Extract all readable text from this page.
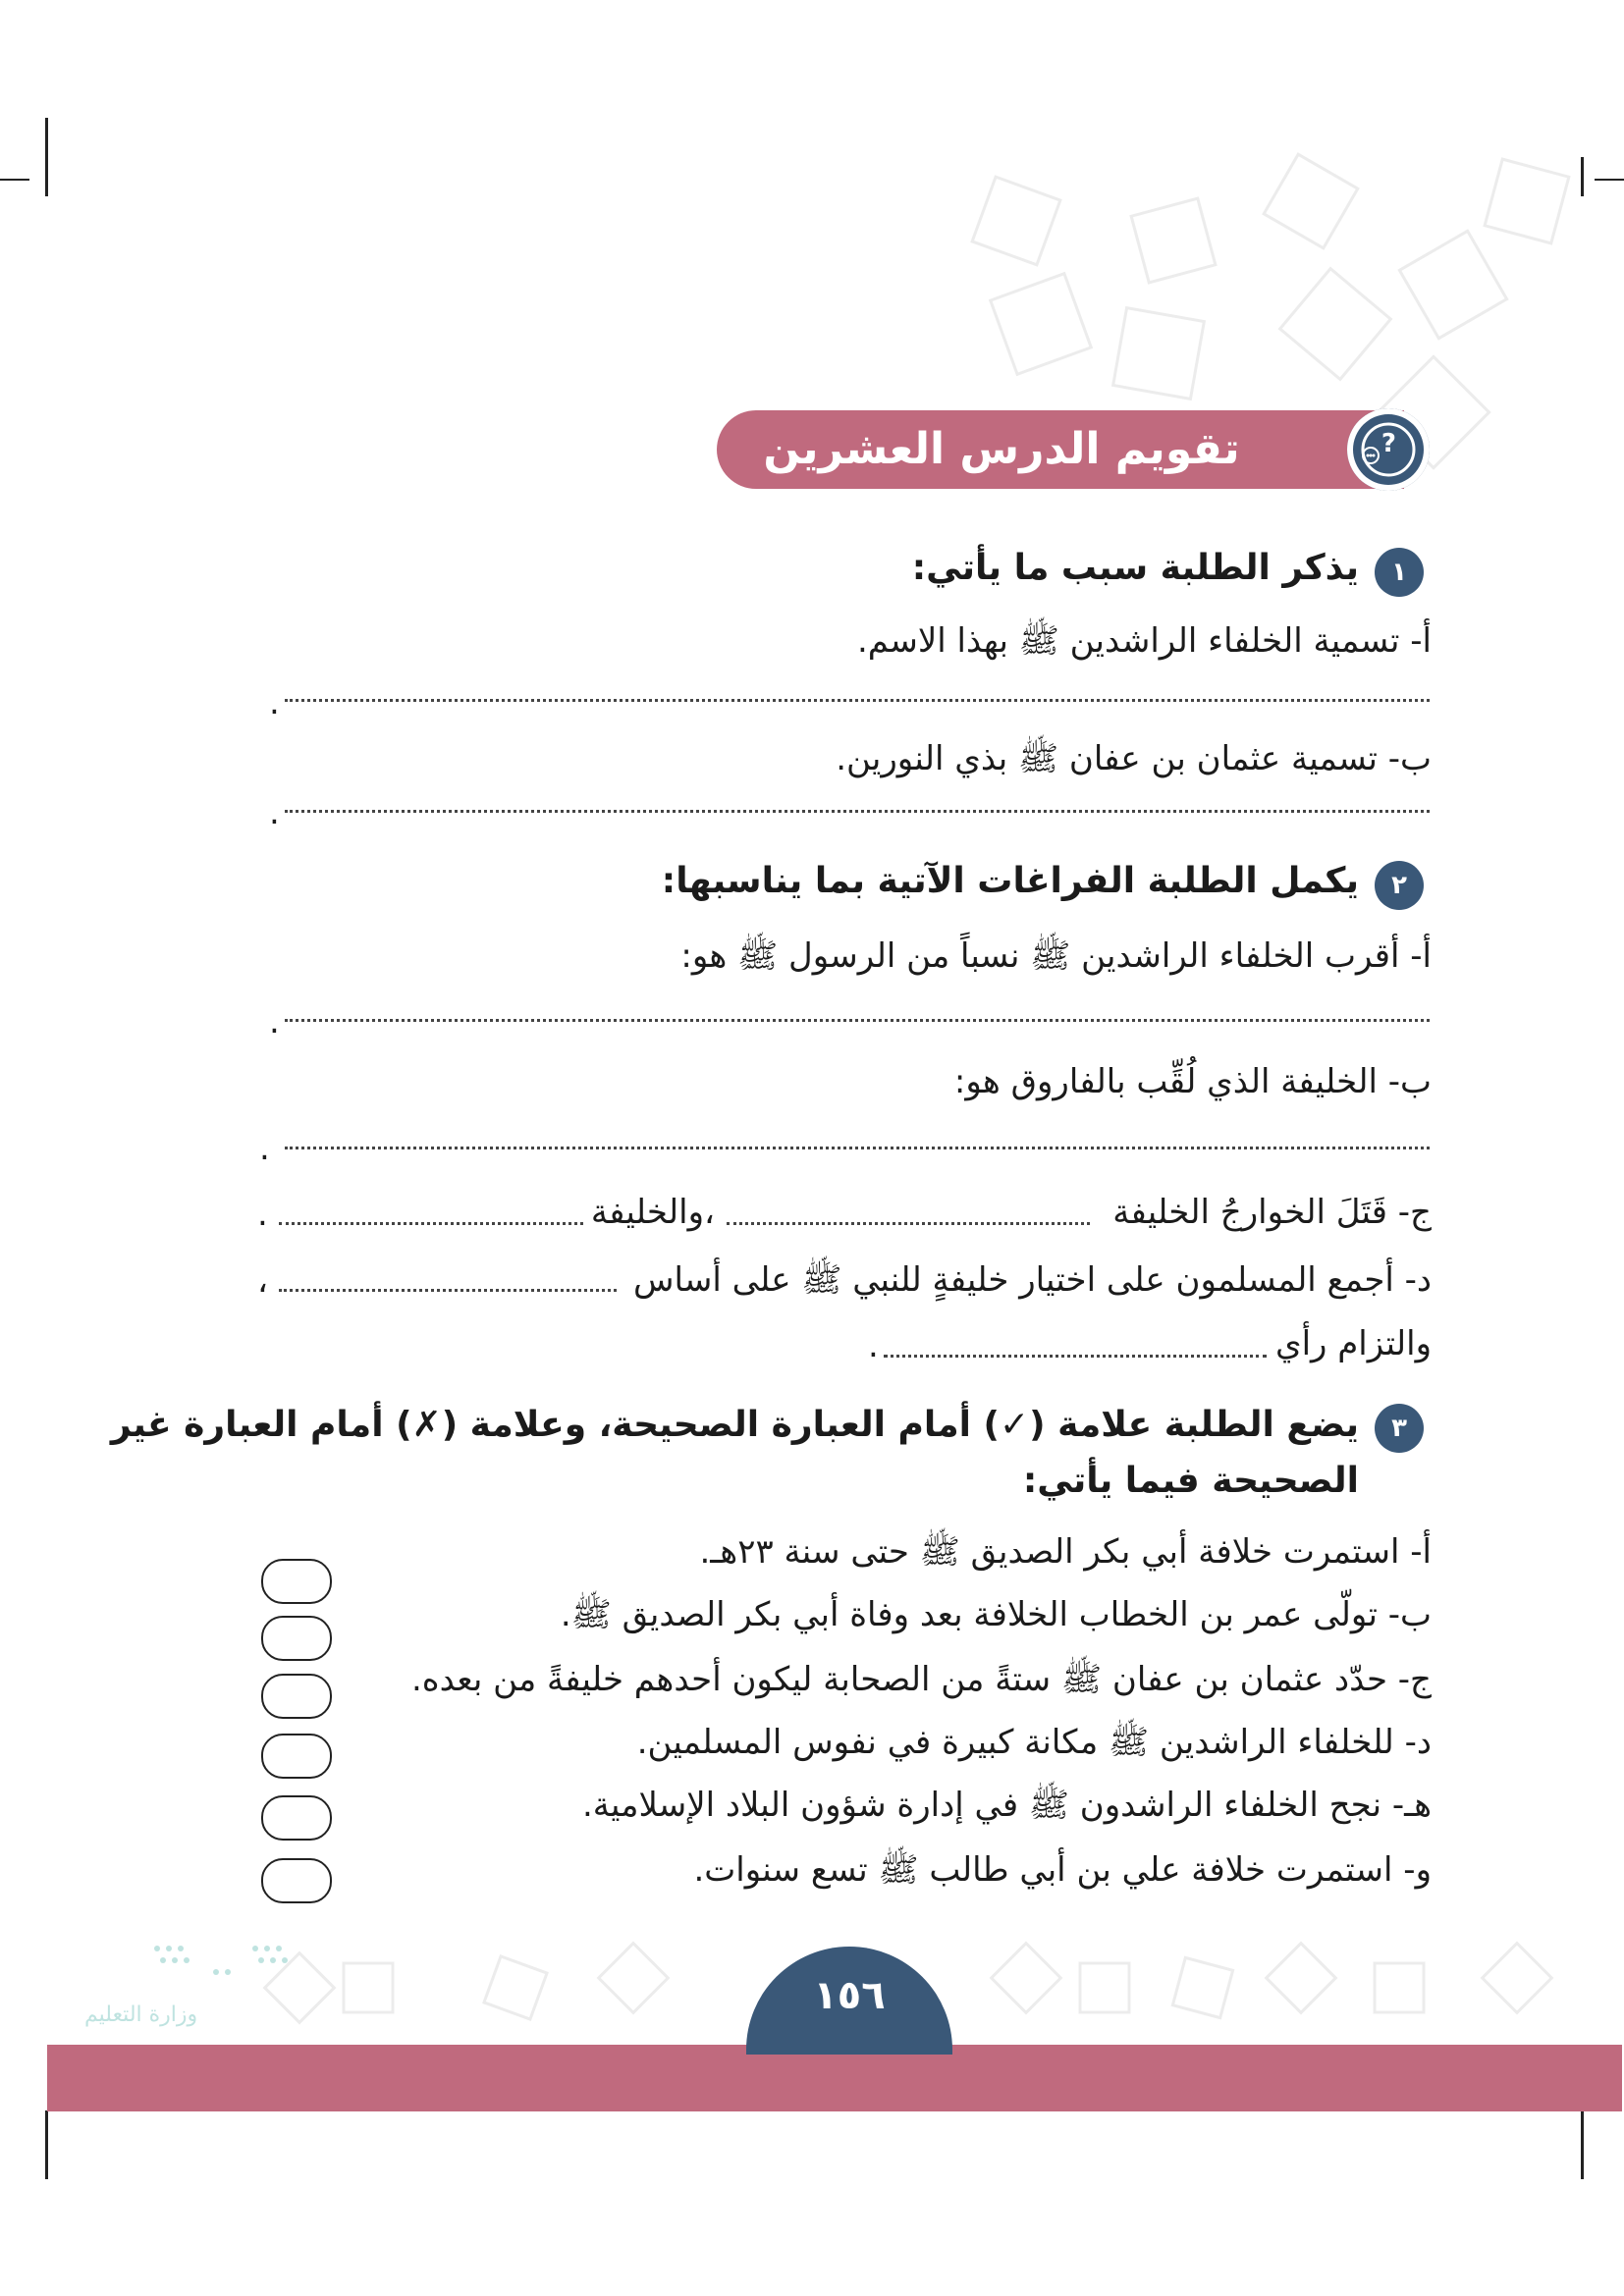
تقويم الدرس العشرين	?
١
يذكر الطلبة سبب ما يأتي:
أ- تسمية الخلفاء الراشدين ﷺ بهذا الاسم.
.
ب- تسمية عثمان بن عفان ﷺ بذي النورين.
.
٢
يكمل الطلبة الفراغات الآتية بما يناسبها:
أ- أقرب الخلفاء الراشدين ﷺ نسباً من الرسول ﷺ هو:
.
ب- الخليفة الذي لُقِّب بالفاروق هو:
.
ج- قَتَلَ الخوارجُ الخليفة
،والخليفة
.
د- أجمع المسلمون على اختيار خليفةٍ للنبي ﷺ على أساس
،
والتزام رأي
.
٣
يضع الطلبة علامة (✓) أمام العبارة الصحيحة، وعلامة (✗) أمام العبارة غير
الصحيحة فيما يأتي:
أ- استمرت خلافة أبي بكر الصديق ﷺ حتى سنة ٢٣هـ.
ب- تولّى عمر بن الخطاب الخلافة بعد وفاة أبي بكر الصديق ﷺ.
ج- حدّد عثمان بن عفان ﷺ ستةً من الصحابة ليكون أحدهم خليفةً من بعده.
د- للخلفاء الراشدين ﷺ مكانة كبيرة في نفوس المسلمين.
هـ- نجح الخلفاء الراشدون ﷺ في إدارة شؤون البلاد الإسلامية.
و- استمرت خلافة علي بن أبي طالب ﷺ تسع سنوات.
١٥٦
وزارة التعليم
